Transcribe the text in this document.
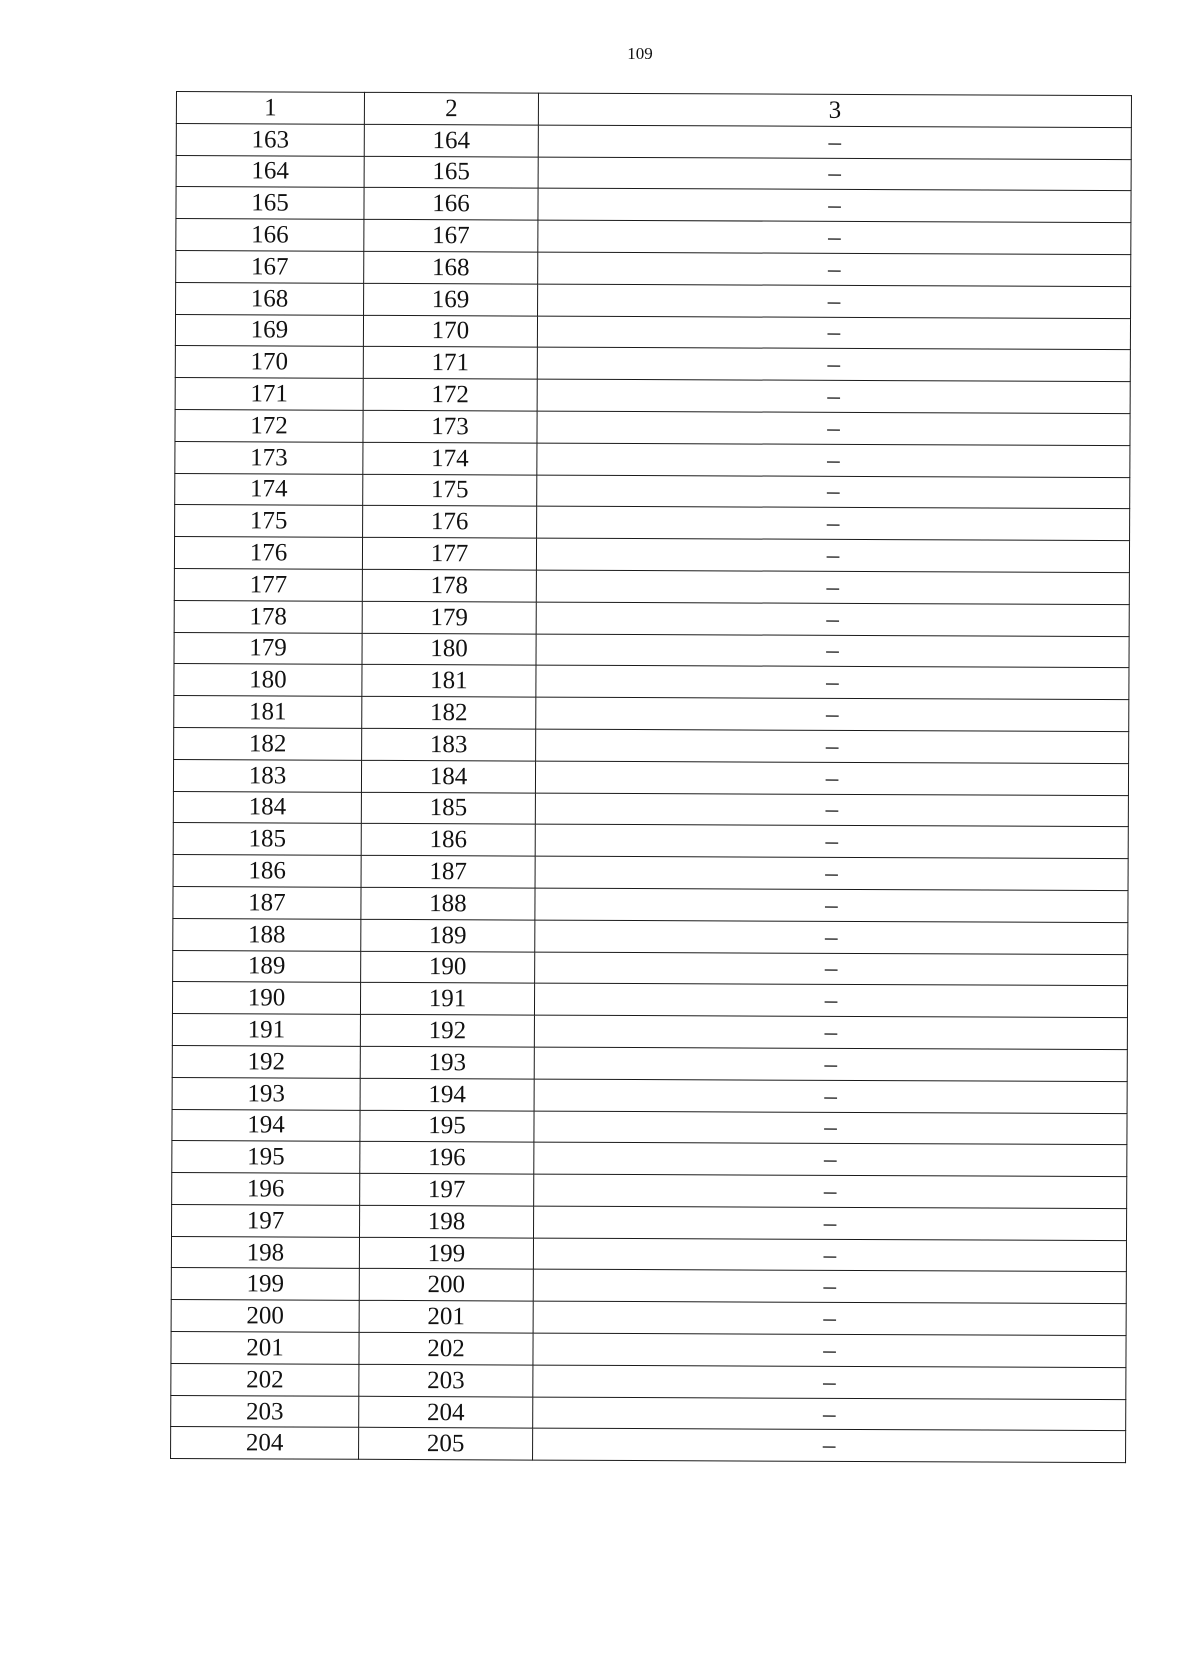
109
1	2	3
163	164	–
164	165	–
165	166	–
166	167	–
167	168	–
168	169	–
169	170	–
170	171	–
171	172	–
172	173	–
173	174	–
174	175	–
175	176	–
176	177	–
177	178	–
178	179	–
179	180	–
180	181	–
181	182	–
182	183	–
183	184	–
184	185	–
185	186	–
186	187	–
187	188	–
188	189	–
189	190	–
190	191	–
191	192	–
192	193	–
193	194	–
194	195	–
195	196	–
196	197	–
197	198	–
198	199	–
199	200	–
200	201	–
201	202	–
202	203	–
203	204	–
204	205	–
